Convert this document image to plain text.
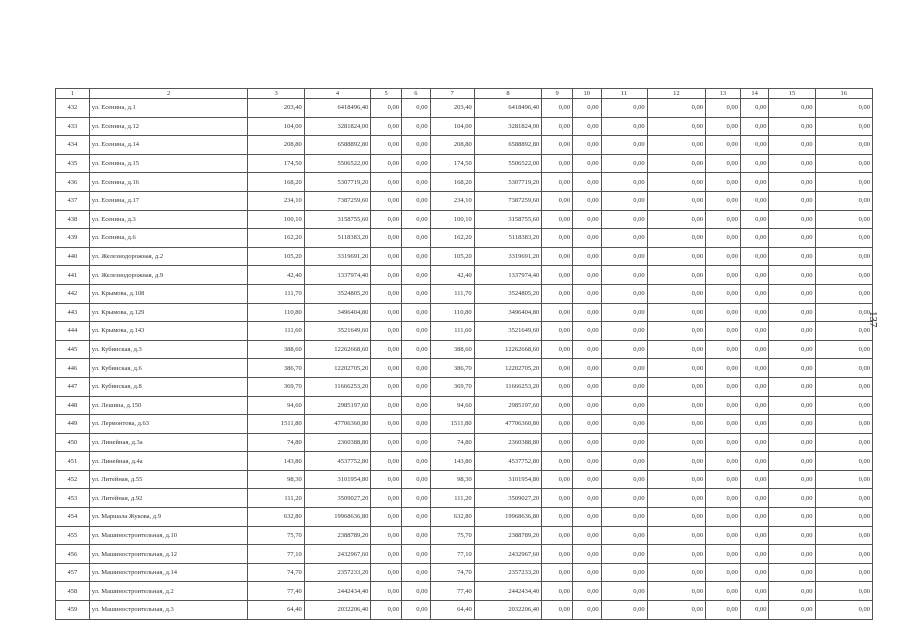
1	2	3	4	5	6	7	8	9	10	11	12	13	14	15	16
432	ул. Есенина, д.1	203,40	6418496,40	0,00	0,00	203,40	6418496,40	0,00	0,00	0,00	0,00	0,00	0,00	0,00	0,00
433	ул. Есенина, д.12	104,00	3281824,00	0,00	0,00	104,00	3281824,00	0,00	0,00	0,00	0,00	0,00	0,00	0,00	0,00
434	ул. Есенина, д.14	208,80	6588892,80	0,00	0,00	208,80	6588892,80	0,00	0,00	0,00	0,00	0,00	0,00	0,00	0,00
435	ул. Есенина, д.15	174,50	5506522,00	0,00	0,00	174,50	5506522,00	0,00	0,00	0,00	0,00	0,00	0,00	0,00	0,00
436	ул. Есенина, д.16	168,20	5307719,20	0,00	0,00	168,20	5307719,20	0,00	0,00	0,00	0,00	0,00	0,00	0,00	0,00
437	ул. Есенина, д.17	234,10	7387259,60	0,00	0,00	234,10	7387259,60	0,00	0,00	0,00	0,00	0,00	0,00	0,00	0,00
438	ул. Есенина, д.3	100,10	3158755,60	0,00	0,00	100,10	3158755,60	0,00	0,00	0,00	0,00	0,00	0,00	0,00	0,00
439	ул. Есенина, д.6	162,20	5118383,20	0,00	0,00	162,20	5118383,20	0,00	0,00	0,00	0,00	0,00	0,00	0,00	0,00
440	ул. Железнодорожная, д.2	105,20	3319691,20	0,00	0,00	105,20	3319691,20	0,00	0,00	0,00	0,00	0,00	0,00	0,00	0,00
441	ул. Железнодорожная, д.9	42,40	1337974,40	0,00	0,00	42,40	1337974,40	0,00	0,00	0,00	0,00	0,00	0,00	0,00	0,00
442	ул. Крымова, д.108	111,70	3524805,20	0,00	0,00	111,70	3524805,20	0,00	0,00	0,00	0,00	0,00	0,00	0,00	0,00
443	ул. Крымова, д.129	110,80	3496404,80	0,00	0,00	110,80	3496404,80	0,00	0,00	0,00	0,00	0,00	0,00	0,00	0,00
444	ул. Крымова, д.143	111,60	3521649,60	0,00	0,00	111,60	3521649,60	0,00	0,00	0,00	0,00	0,00	0,00	0,00	0,00
445	ул. Кубинская, д.3	388,60	12262668,60	0,00	0,00	388,60	12262668,60	0,00	0,00	0,00	0,00	0,00	0,00	0,00	0,00
446	ул. Кубинская, д.6	386,70	12202705,20	0,00	0,00	386,70	12202705,20	0,00	0,00	0,00	0,00	0,00	0,00	0,00	0,00
447	ул. Кубинская, д.8	369,70	11666253,20	0,00	0,00	369,70	11666253,20	0,00	0,00	0,00	0,00	0,00	0,00	0,00	0,00
448	ул. Лешина, д.150	94,60	2985197,60	0,00	0,00	94,60	2985197,60	0,00	0,00	0,00	0,00	0,00	0,00	0,00	0,00
449	ул. Лермонтова, д.63	1511,80	47706360,80	0,00	0,00	1511,80	47706360,80	0,00	0,00	0,00	0,00	0,00	0,00	0,00	0,00
450	ул. Линейная, д.3а	74,80	2360388,80	0,00	0,00	74,80	2360388,80	0,00	0,00	0,00	0,00	0,00	0,00	0,00	0,00
451	ул. Линейная, д.4а	143,80	4537752,80	0,00	0,00	143,80	4537752,80	0,00	0,00	0,00	0,00	0,00	0,00	0,00	0,00
452	ул. Литейная, д.55	98,30	3101954,80	0,00	0,00	98,30	3101954,80	0,00	0,00	0,00	0,00	0,00	0,00	0,00	0,00
453	ул. Литейная, д.92	111,20	3509027,20	0,00	0,00	111,20	3509027,20	0,00	0,00	0,00	0,00	0,00	0,00	0,00	0,00
454	ул. Маршала Жукова, д.9	632,80	19968636,80	0,00	0,00	632,80	19968636,80	0,00	0,00	0,00	0,00	0,00	0,00	0,00	0,00
455	ул. Машиностроительная, д.10	75,70	2388789,20	0,00	0,00	75,70	2388789,20	0,00	0,00	0,00	0,00	0,00	0,00	0,00	0,00
456	ул. Машиностроительная, д.12	77,10	2432967,60	0,00	0,00	77,10	2432967,60	0,00	0,00	0,00	0,00	0,00	0,00	0,00	0,00
457	ул. Машиностроительная, д.14	74,70	2357233,20	0,00	0,00	74,70	2357233,20	0,00	0,00	0,00	0,00	0,00	0,00	0,00	0,00
458	ул. Машиностроительная, д.2	77,40	2442434,40	0,00	0,00	77,40	2442434,40	0,00	0,00	0,00	0,00	0,00	0,00	0,00	0,00
459	ул. Машиностроительная, д.3	64,40	2032206,40	0,00	0,00	64,40	2032206,40	0,00	0,00	0,00	0,00	0,00	0,00	0,00	0,00
137
